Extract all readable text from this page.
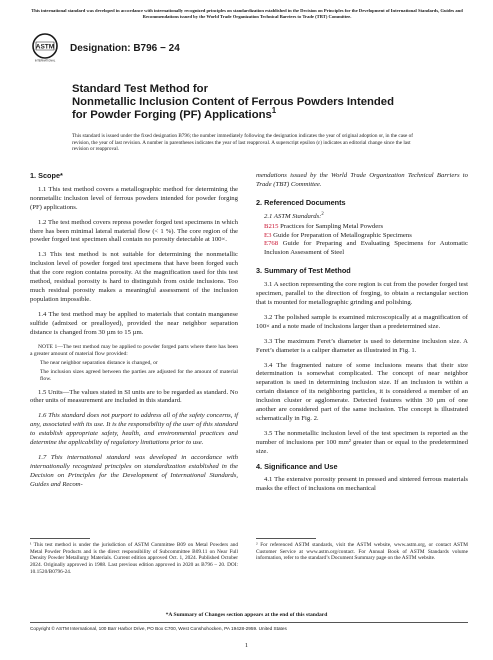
This international standard was developed in accordance with internationally recognized principles on standardization established in the Decision on Principles for the Development of International Standards, Guides and Recommendations issued by the World Trade Organization Technical Barriers to Trade (TBT) Committee.
ASTM
INTERNATIONAL
Designation: B796 − 24
Standard Test Method for
Nonmetallic Inclusion Content of Ferrous Powders Intended
for Powder Forging (PF) Applications$^1$
This standard is issued under the fixed designation B796; the number immediately following the designation indicates the year of original adoption or, in the case of revision, the year of last revision. A number in parentheses indicates the year of last reapproval. A superscript epsilon (ε) indicates an editorial change since the last revision or reapproval.
1. Scope*

1.1 This test method covers a metallographic method for determining the nonmetallic inclusion level of ferrous powders intended for powder forging (PF) applications.

1.2 The test method covers repress powder forged test specimens in which there has been minimal lateral material flow (< 1 %). The core region of the powder forged test specimen shall contain no porosity detectable at 100×.

1.3 This test method is not suitable for determining the nonmetallic inclusion level of powder forged test specimens that have been forged such that the core region contains porosity. At the magnification used for this test method, residual porosity is hard to distinguish from oxide inclusions. Too much residual porosity makes a meaningful assessment of the inclusion population impossible.

1.4 The test method may be applied to materials that contain manganese sulfide (admixed or prealloyed), provided the near neighbor separation distance is changed from 30 µm to 15 µm.

NOTE 1—The test method may be applied to powder forged parts where there has been a greater amount of material flow provided:
The near neighbor separation distance is changed, or
The inclusion sizes agreed between the parties are adjusted for the amount of material flow.

1.5 Units—The values stated in SI units are to be regarded as standard. No other units of measurement are included in this standard.

1.6 This standard does not purport to address all of the safety concerns, if any, associated with its use. It is the responsibility of the user of this standard to establish appropriate safety, health, and environmental practices and determine the applicability of regulatory limitations prior to use.

1.7 This international standard was developed in accordance with internationally recognized principles on standardization established in the Decision on Principles for the Development of International Standards, Guides and Recom-

mendations issued by the World Trade Organization Technical Barriers to Trade (TBT) Committee.

2. Referenced Documents

2.1 ASTM Standards:$^2$

B215 Practices for Sampling Metal Powders
E3 Guide for Preparation of Metallographic Specimens
E768 Guide for Preparing and Evaluating Specimens for Automatic Inclusion Assessment of Steel
3. Summary of Test Method

3.1 A section representing the core region is cut from the powder forged test specimen, parallel to the direction of forging, to obtain a rectangular section that is mounted for metallographic grinding and polishing.

3.2 The polished sample is examined microscopically at a magnification of 100× and a note made of inclusions larger than a predetermined size.

3.3 The maximum Feret’s diameter is used to determine inclusion size. A Feret’s diameter is a caliper diameter as illustrated in Fig. 1.

3.4 The fragmented nature of some inclusions means that their size determination is somewhat complicated. The concept of near neighbor separation is used in determining inclusion size. If an inclusion is within a certain distance of its neighboring particles, it is considered a member of an inclusion cluster or agglomerate. Detected features within 30 µm of one another are considered part of the same inclusion. The concept is illustrated schematically in Fig. 2.

3.5 The nonmetallic inclusion level of the test specimen is reported as the number of inclusions per 100 mm² greater than or equal to the predetermined size.

4. Significance and Use

4.1 The extensive porosity present in pressed and sintered ferrous materials masks the effect of inclusions on mechanical

¹ This test method is under the jurisdiction of ASTM Committee B09 on Metal Powders and Metal Powder Products and is the direct responsibility of Subcommittee B09.11 on Near Full Density Powder Metallurgy Materials. Current edition approved Oct. 1, 2024. Published October 2024. Originally approved in 1988. Last previous edition approved in 2020 as B796 – 20. DOI: 10.1520/B0796-24.
² For referenced ASTM standards, visit the ASTM website, www.astm.org, or contact ASTM Customer Service at www.astm.org/contact. For Annual Book of ASTM Standards volume information, refer to the standard’s Document Summary page on the ASTM website.
*A Summary of Changes section appears at the end of this standard
Copyright © ASTM International, 100 Barr Harbor Drive, PO Box C700, West Conshohocken, PA 19428-2959. United States
1
